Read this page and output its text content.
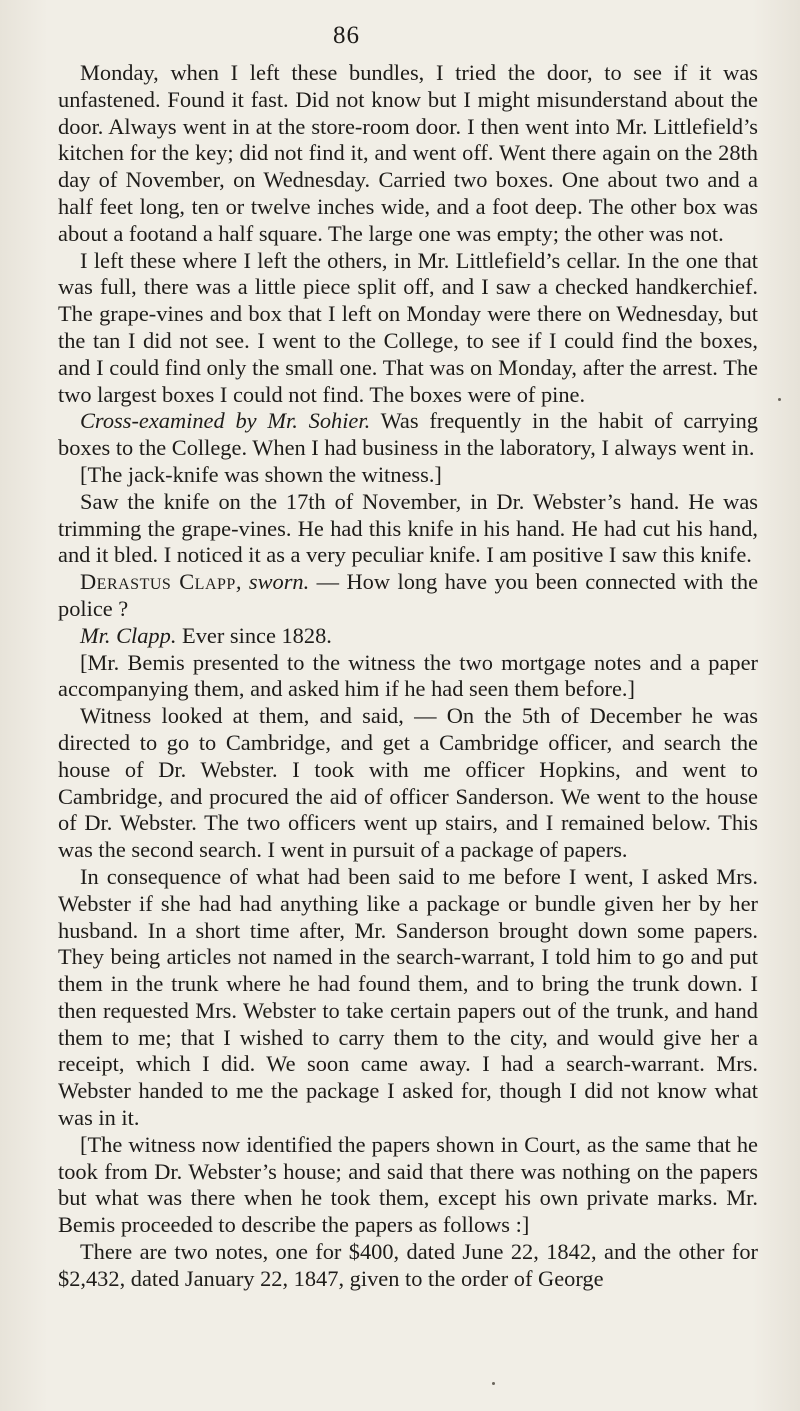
86

Monday, when I left these bundles, I tried the door, to see if it was unfastened. Found it fast. Did not know but I might misunderstand about the door. Always went in at the store-room door. I then went into Mr. Littlefield’s kitchen for the key; did not find it, and went off. Went there again on the 28th day of November, on Wednesday. Carried two boxes. One about two and a half feet long, ten or twelve inches wide, and a foot deep. The other box was about a footand a half square. The large one was empty; the other was not.

I left these where I left the others, in Mr. Littlefield’s cellar. In the one that was full, there was a little piece split off, and I saw a checked handkerchief. The grape-vines and box that I left on Monday were there on Wednesday, but the tan I did not see. I went to the College, to see if I could find the boxes, and I could find only the small one. That was on Monday, after the arrest. The two largest boxes I could not find. The boxes were of pine.

Cross-examined by Mr. Sohier. Was frequently in the habit of carrying boxes to the College. When I had business in the laboratory, I always went in.

[The jack-knife was shown the witness.]

Saw the knife on the 17th of November, in Dr. Webster’s hand. He was trimming the grape-vines. He had this knife in his hand. He had cut his hand, and it bled. I noticed it as a very peculiar knife. I am positive I saw this knife.

Derastus Clapp, sworn. — How long have you been connected with the police ?

Mr. Clapp. Ever since 1828.

[Mr. Bemis presented to the witness the two mortgage notes and a paper accompanying them, and asked him if he had seen them before.]

Witness looked at them, and said, — On the 5th of December he was directed to go to Cambridge, and get a Cambridge officer, and search the house of Dr. Webster. I took with me officer Hopkins, and went to Cambridge, and procured the aid of officer Sanderson. We went to the house of Dr. Webster. The two officers went up stairs, and I remained below. This was the second search. I went in pursuit of a package of papers.

In consequence of what had been said to me before I went, I asked Mrs. Webster if she had had anything like a package or bundle given her by her husband. In a short time after, Mr. Sanderson brought down some papers. They being articles not named in the search-warrant, I told him to go and put them in the trunk where he had found them, and to bring the trunk down. I then requested Mrs. Webster to take certain papers out of the trunk, and hand them to me; that I wished to carry them to the city, and would give her a receipt, which I did. We soon came away. I had a search-warrant. Mrs. Webster handed to me the package I asked for, though I did not know what was in it.

[The witness now identified the papers shown in Court, as the same that he took from Dr. Webster’s house; and said that there was nothing on the papers but what was there when he took them, except his own private marks. Mr. Bemis proceeded to describe the papers as follows :]

There are two notes, one for $400, dated June 22, 1842, and the other for $2,432, dated January 22, 1847, given to the order of George
